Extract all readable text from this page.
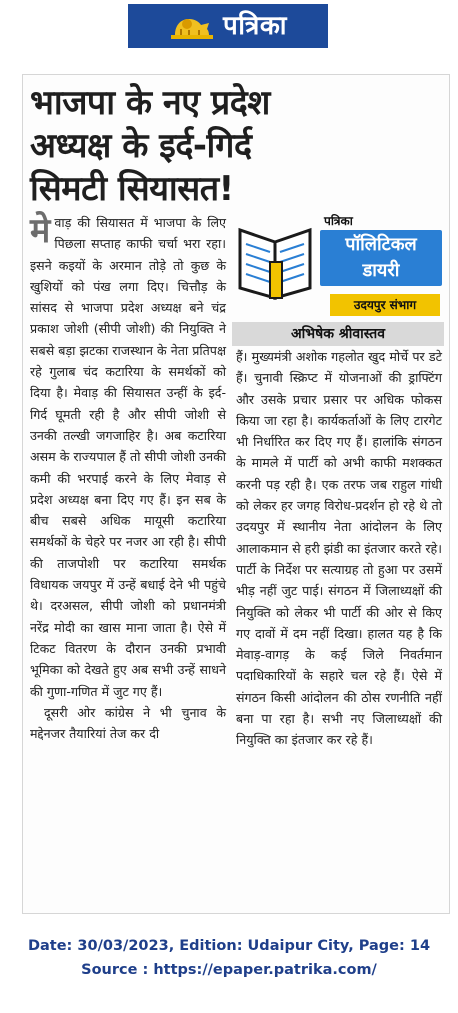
पत्रिका
भाजपा के नए प्रदेश
अध्यक्ष के इर्द-गिर्द
सिमटी सियासत!
पत्रिका
पॉलिटिकल
डायरी
उदयपुर संभाग
अभिषेक श्रीवास्तव

मेवाड़ की सियासत में भाजपा के लिए पिछला सप्ताह काफी चर्चा भरा रहा। इसने कइयों के अरमान तोड़े तो कुछ के खुशियों को पंख लगा दिए। चित्तौड़ के सांसद से भाजपा प्रदेश अध्यक्ष बने चंद्र प्रकाश जोशी (सीपी जोशी) की नियुक्ति ने सबसे बड़ा झटका राजस्थान के नेता प्रतिपक्ष रहे गुलाब चंद कटारिया के समर्थकों को दिया है। मेवाड़ की सियासत उन्हीं के इर्द-गिर्द घूमती रही है और सीपी जोशी से उनकी तल्खी जगजाहिर है। अब कटारिया असम के राज्यपाल हैं तो सीपी जोशी उनकी कमी की भरपाई करने के लिए मेवाड़ से प्रदेश अध्यक्ष बना दिए गए हैं। इन सब के बीच सबसे अधिक मायूसी कटारिया समर्थकों के चेहरे पर नजर आ रही है। सीपी की ताजपोशी पर कटारिया समर्थक विधायक जयपुर में उन्हें बधाई देने भी पहुंचे थे। दरअसल, सीपी जोशी को प्रधानमंत्री नरेंद्र मोदी का खास माना जाता है। ऐसे में टिकट वितरण के दौरान उनकी प्रभावी भूमिका को देखते हुए अब सभी उन्हें साधने की गुणा-गणित में जुट गए हैं।

दूसरी ओर कांग्रेस ने भी चुनाव के मद्देनजर तैयारियां तेज कर दी

हैं। मुख्यमंत्री अशोक गहलोत खुद मोर्चे पर डटे हैं। चुनावी स्क्रिप्ट में योजनाओं की ड्राफ्टिंग और उसके प्रचार प्रसार पर अधिक फोकस किया जा रहा है। कार्यकर्ताओं के लिए टारगेट भी निर्धारित कर दिए गए हैं। हालांकि संगठन के मामले में पार्टी को अभी काफी मशक्कत करनी पड़ रही है। एक तरफ जब राहुल गांधी को लेकर हर जगह विरोध-प्रदर्शन हो रहे थे तो उदयपुर में स्थानीय नेता आंदोलन के लिए आलाकमान से हरी झंडी का इंतजार करते रहे। पार्टी के निर्देश पर सत्याग्रह तो हुआ पर उसमें भीड़ नहीं जुट पाई। संगठन में जिलाध्यक्षों की नियुक्ति को लेकर भी पार्टी की ओर से किए गए दावों में दम नहीं दिखा। हालत यह है कि मेवाड़-वागड़ के कई जिले निवर्तमान पदाधिकारियों के सहारे चल रहे हैं। ऐसे में संगठन किसी आंदोलन की ठोस रणनीति नहीं बना पा रहा है। सभी नए जिलाध्यक्षों की नियुक्ति का इंतजार कर रहे हैं।

Date: 30/03/2023, Edition: Udaipur City, Page: 14
Source : https://epaper.patrika.com/
